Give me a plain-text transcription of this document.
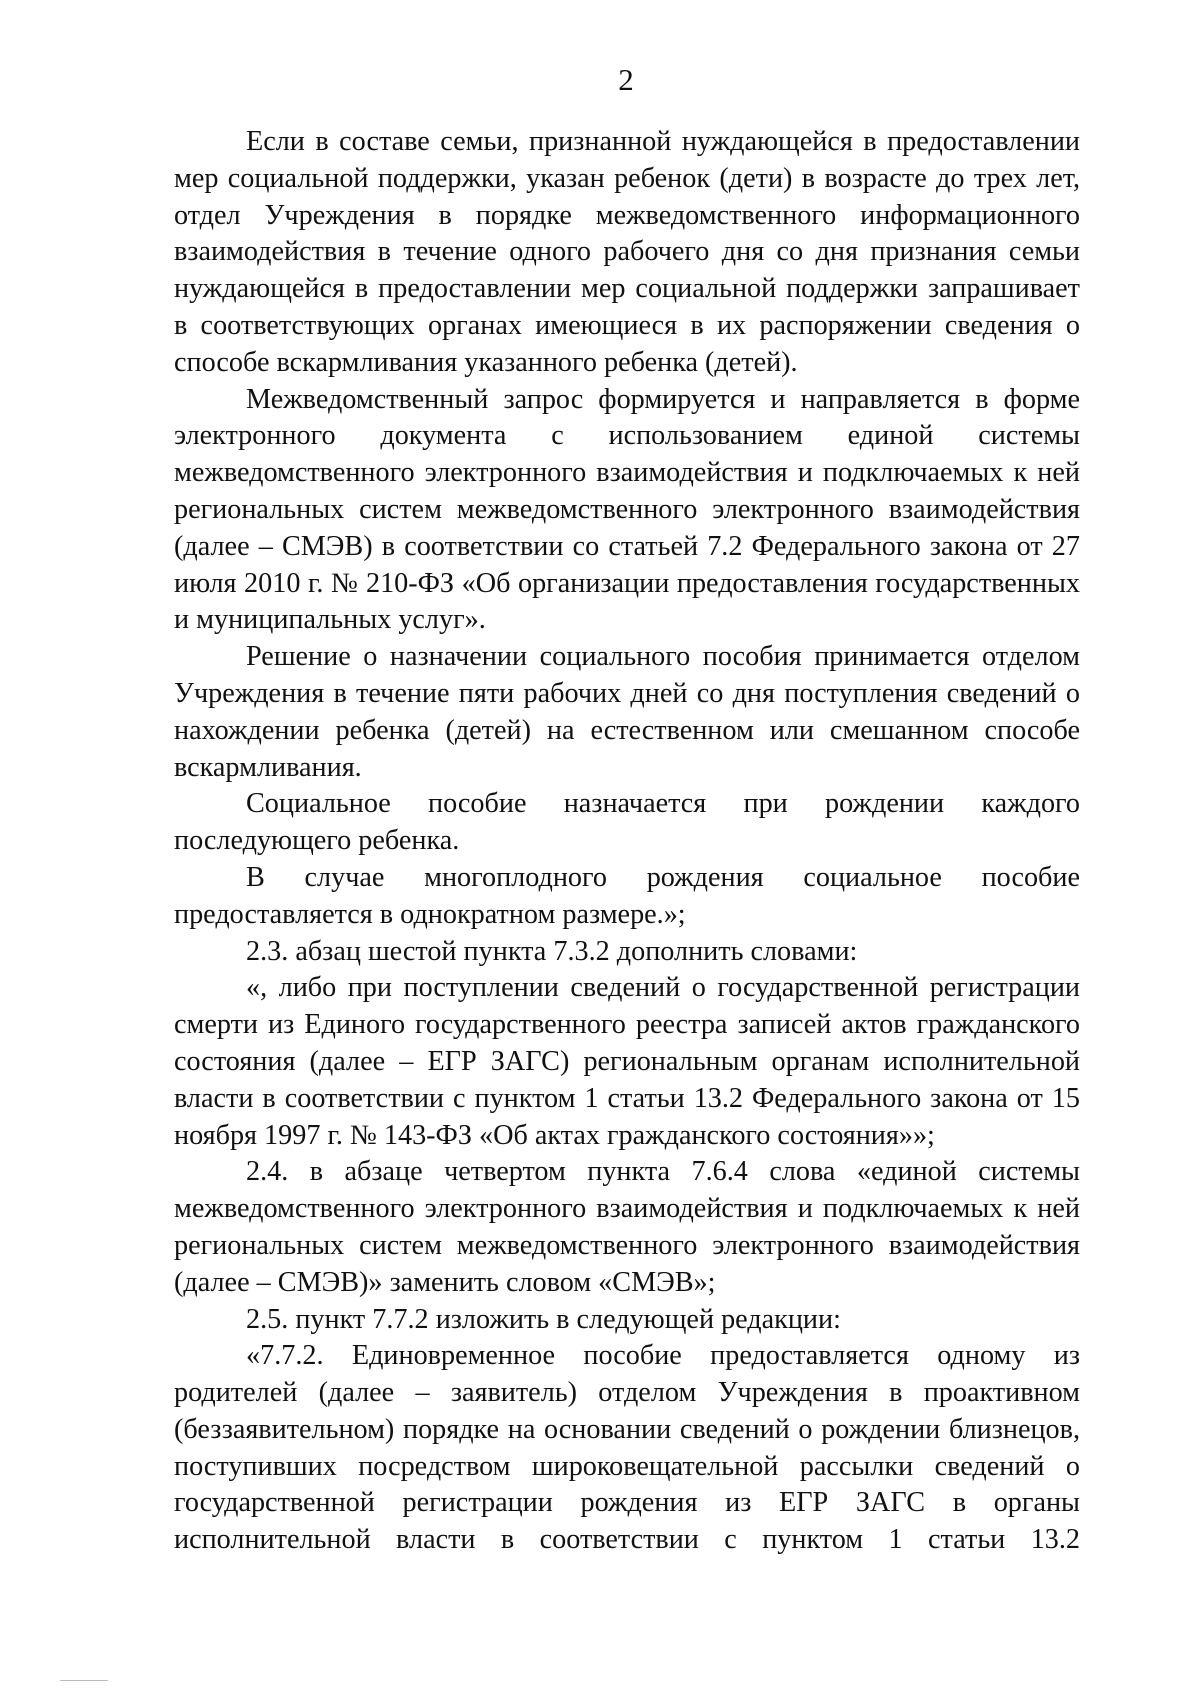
2

Если в составе семьи, признанной нуждающейся в предоставлении мер социальной поддержки, указан ребенок (дети) в возрасте до трех лет, отдел Учреждения в порядке межведомственного информационного взаимодействия в течение одного рабочего дня со дня признания семьи нуждающейся в предоставлении мер социальной поддержки запрашивает в соответствующих органах имеющиеся в их распоряжении сведения о способе вскармливания указанного ребенка (детей).

Межведомственный запрос формируется и направляется в форме электронного документа с использованием единой системы межведомственного электронного взаимодействия и подключаемых к ней региональных систем межведомственного электронного взаимодействия (далее – СМЭВ) в соответствии со статьей 7.2 Федерального закона от 27 июля 2010 г. № 210-ФЗ «Об организации предоставления государственных и муниципальных услуг».

Решение о назначении социального пособия принимается отделом Учреждения в течение пяти рабочих дней со дня поступления сведений о нахождении ребенка (детей) на естественном или смешанном способе вскармливания.

Социальное пособие назначается при рождении каждого последующего ребенка.

В случае многоплодного рождения социальное пособие предоставляется в однократном размере.»;

2.3. абзац шестой пункта 7.3.2 дополнить словами:

«, либо при поступлении сведений о государственной регистрации смерти из Единого государственного реестра записей актов гражданского состояния (далее – ЕГР ЗАГС) региональным органам исполнительной власти в соответствии с пунктом 1 статьи 13.2 Федерального закона от 15 ноября 1997 г. № 143-ФЗ «Об актах гражданского состояния»»;

2.4. в абзаце четвертом пункта 7.6.4 слова «единой системы межведомственного электронного взаимодействия и подключаемых к ней региональных систем межведомственного электронного взаимодействия (далее – СМЭВ)» заменить словом «СМЭВ»;

2.5. пункт 7.7.2 изложить в следующей редакции:

«7.7.2. Единовременное пособие предоставляется одному из родителей (далее – заявитель) отделом Учреждения в проактивном (беззаявительном) порядке на основании сведений о рождении близнецов, поступивших посредством широковещательной рассылки сведений о государственной регистрации рождения из ЕГР ЗАГС в органы исполнительной власти в соответствии с пунктом 1 статьи 13.2
